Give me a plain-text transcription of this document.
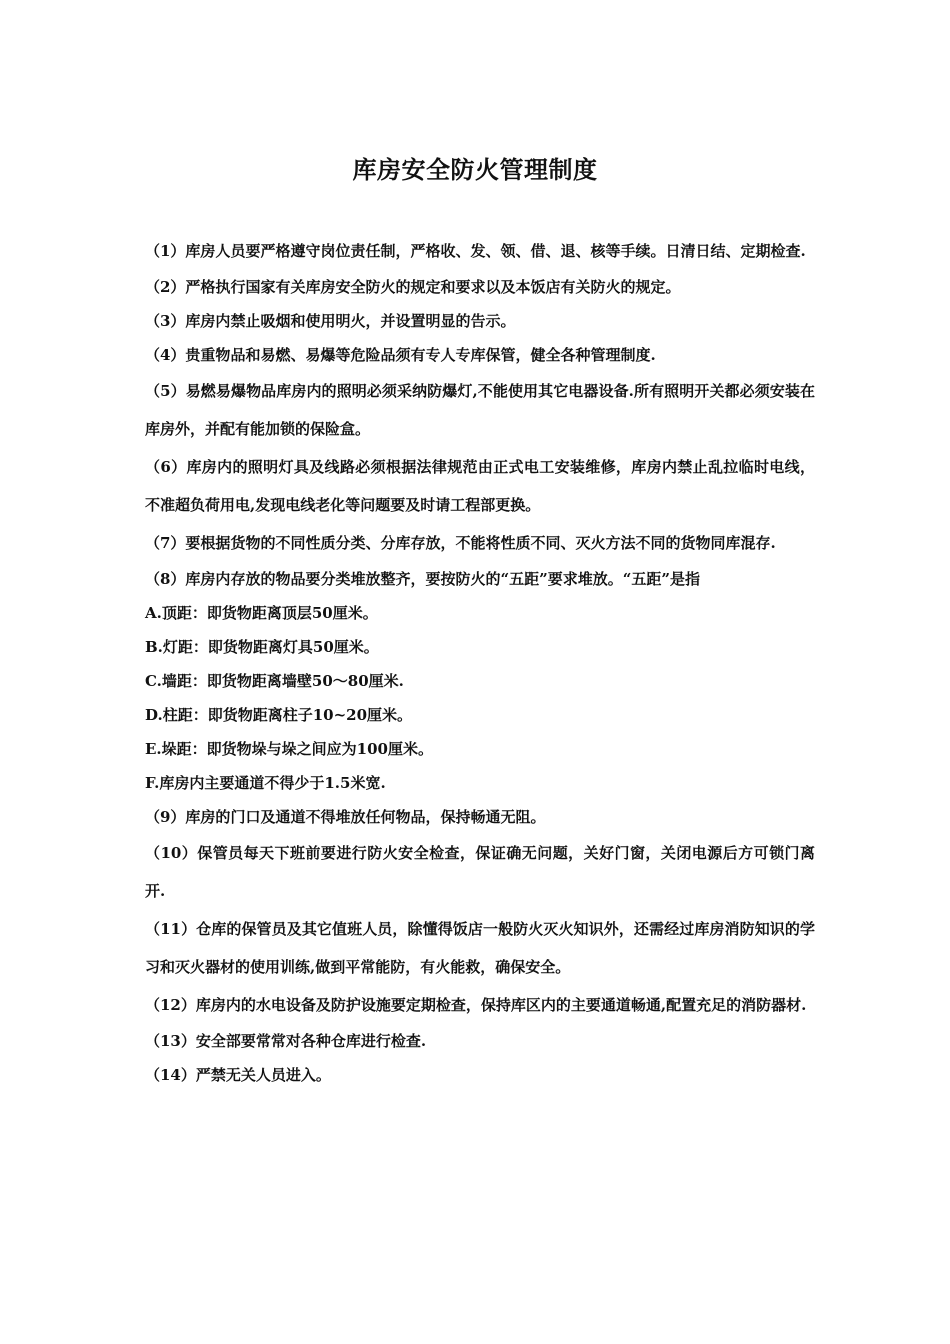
库房安全防火管理制度

（1）库房人员要严格遵守岗位责任制，严格收、发、领、借、退、核等手续。日清日结、定期检查.

（2）严格执行国家有关库房安全防火的规定和要求以及本饭店有关防火的规定。

（3）库房内禁止吸烟和使用明火，并设置明显的告示。

（4）贵重物品和易燃、易爆等危险品须有专人专库保管，健全各种管理制度.

（5）易燃易爆物品库房内的照明必须采纳防爆灯,不能使用其它电器设备.所有照明开关都必须安装在库房外，并配有能加锁的保险盒。

（6）库房内的照明灯具及线路必须根据法律规范由正式电工安装维修，库房内禁止乱拉临时电线，不准超负荷用电,发现电线老化等问题要及时请工程部更换。

（7）要根据货物的不同性质分类、分库存放，不能将性质不同、灭火方法不同的货物同库混存.

（8）库房内存放的物品要分类堆放整齐，要按防火的“五距”要求堆放。“五距”是指

A.顶距：即货物距离顶层50厘米。

B.灯距：即货物距离灯具50厘米。

C.墙距：即货物距离墙壁50～80厘米.

D.柱距：即货物距离柱子10~20厘米。

E.垛距：即货物垛与垛之间应为100厘米。

F.库房内主要通道不得少于1.5米宽.

（9）库房的门口及通道不得堆放任何物品，保持畅通无阻。

（10）保管员每天下班前要进行防火安全检查，保证确无问题，关好门窗，关闭电源后方可锁门离开.

（11）仓库的保管员及其它值班人员，除懂得饭店一般防火灭火知识外，还需经过库房消防知识的学习和灭火器材的使用训练,做到平常能防，有火能救，确保安全。

（12）库房内的水电设备及防护设施要定期检查，保持库区内的主要通道畅通,配置充足的消防器材.

（13）安全部要常常对各种仓库进行检查.

（14）严禁无关人员进入。
